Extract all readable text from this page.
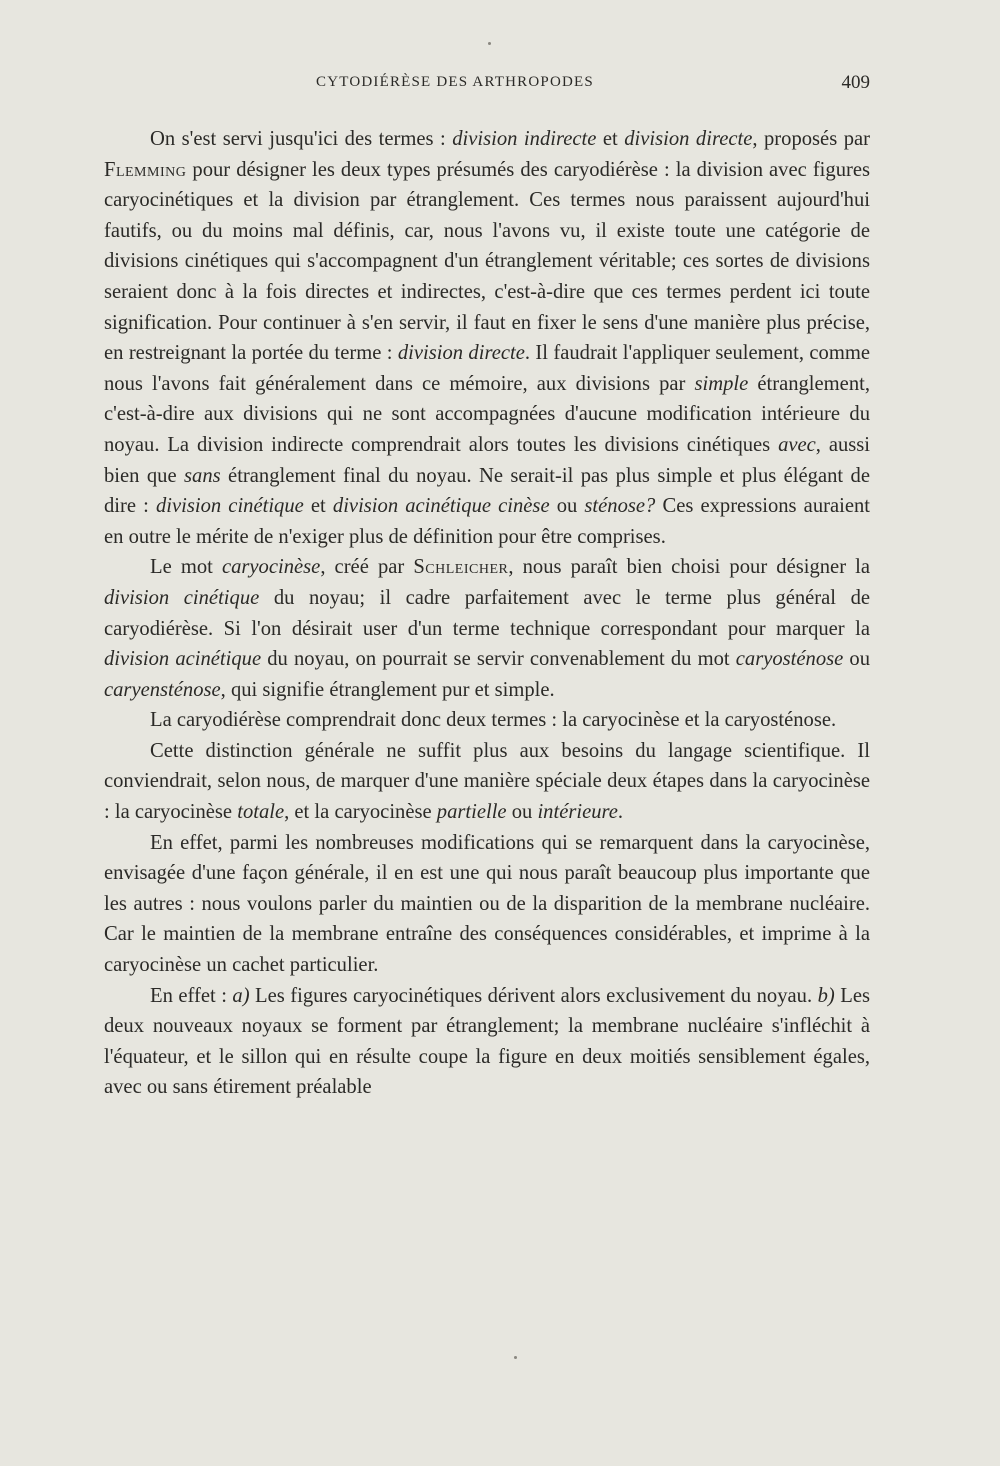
CYTODIÉRÈSE DES ARTHROPODES	409

On s'est servi jusqu'ici des termes : division indirecte et division directe, proposés par Flemming pour désigner les deux types présumés des caryodiérèse : la division avec figures caryocinétiques et la division par étranglement. Ces termes nous paraissent aujourd'hui fautifs, ou du moins mal définis, car, nous l'avons vu, il existe toute une catégorie de divisions cinétiques qui s'accompagnent d'un étranglement véritable; ces sortes de divisions seraient donc à la fois directes et indirectes, c'est-à-dire que ces termes perdent ici toute signification. Pour continuer à s'en servir, il faut en fixer le sens d'une manière plus précise, en restreignant la portée du terme : division directe. Il faudrait l'appliquer seulement, comme nous l'avons fait généralement dans ce mémoire, aux divisions par simple étranglement, c'est-à-dire aux divisions qui ne sont accompagnées d'aucune modification intérieure du noyau. La division indirecte comprendrait alors toutes les divisions cinétiques avec, aussi bien que sans étranglement final du noyau. Ne serait-il pas plus simple et plus élégant de dire : division cinétique et division acinétique cinèse ou sténose? Ces expressions auraient en outre le mérite de n'exiger plus de définition pour être comprises.

Le mot caryocinèse, créé par Schleicher, nous paraît bien choisi pour désigner la division cinétique du noyau; il cadre parfaitement avec le terme plus général de caryodiérèse. Si l'on désirait user d'un terme technique correspondant pour marquer la division acinétique du noyau, on pourrait se servir convenablement du mot caryosténose ou caryensténose, qui signifie étranglement pur et simple.

La caryodiérèse comprendrait donc deux termes : la caryocinèse et la caryosténose.

Cette distinction générale ne suffit plus aux besoins du langage scientifique. Il conviendrait, selon nous, de marquer d'une manière spéciale deux étapes dans la caryocinèse : la caryocinèse totale, et la caryocinèse partielle ou intérieure.

En effet, parmi les nombreuses modifications qui se remarquent dans la caryocinèse, envisagée d'une façon générale, il en est une qui nous paraît beaucoup plus importante que les autres : nous voulons parler du maintien ou de la disparition de la membrane nucléaire. Car le maintien de la membrane entraîne des conséquences considérables, et imprime à la caryocinèse un cachet particulier.

En effet : a) Les figures caryocinétiques dérivent alors exclusivement du noyau. b) Les deux nouveaux noyaux se forment par étranglement; la membrane nucléaire s'infléchit à l'équateur, et le sillon qui en résulte coupe la figure en deux moitiés sensiblement égales, avec ou sans étirement préalable
